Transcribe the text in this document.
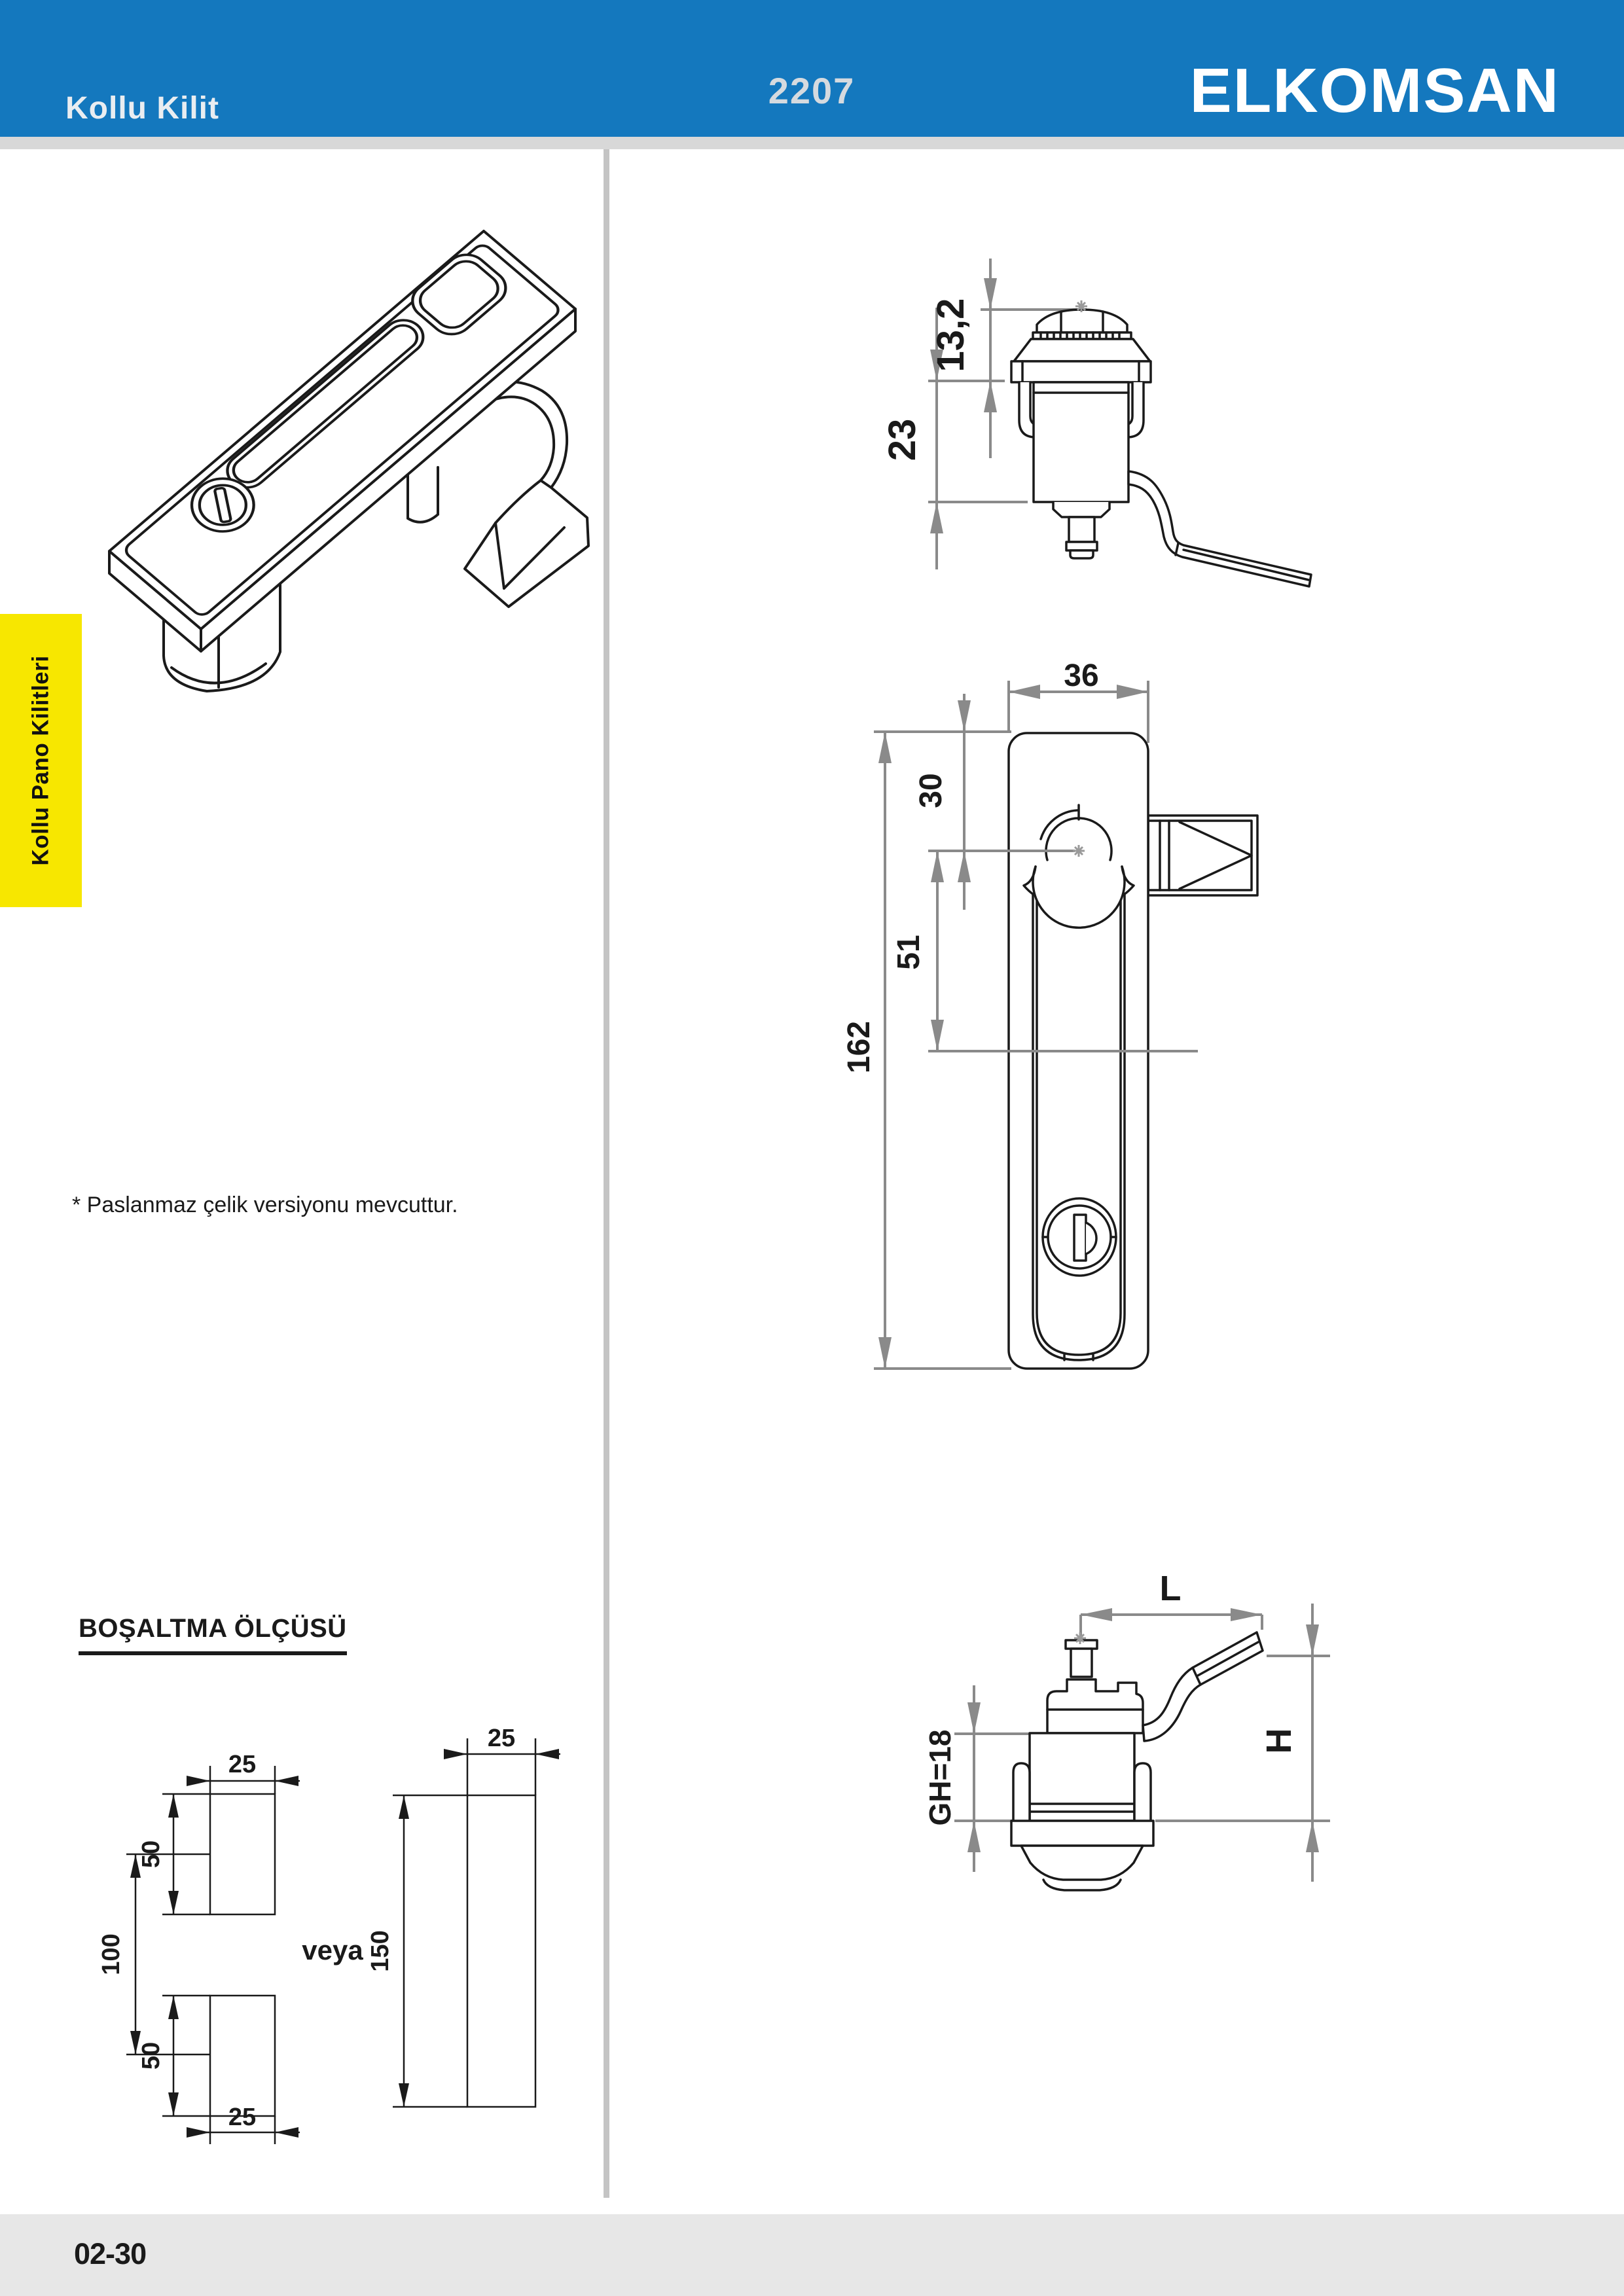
Kollu Kilit	2207	ELKOMSAN
Kollu Pano Kilitleri
* Paslanmaz çelik versiyonu mevcuttur.
BOŞALTMA ÖLÇÜSÜ
02-30
13,2
23
36
30
51
162
L
GH=18	H
25
50
100
50
25
veya 150
25
